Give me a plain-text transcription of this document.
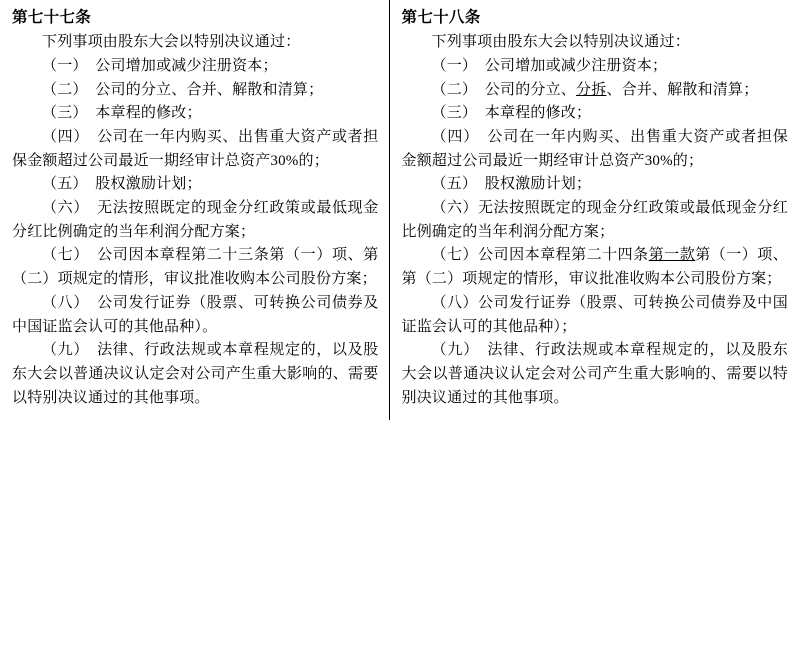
第七十七条

下列事项由股东大会以特别决议通过：

（一）　公司增加或减少注册资本；

（二）　公司的分立、合并、解散和清算；

（三）　本章程的修改；

（四）　公司在一年内购买、出售重大资产或者担保金额超过公司最近一期经审计总资产30%的；

（五）　股权激励计划；

（六）　无法按照既定的现金分红政策或最低现金分红比例确定的当年利润分配方案；

（七）　公司因本章程第二十三条第（一）项、第（二）项规定的情形，审议批准收购本公司股份方案；

（八）　公司发行证券（股票、可转换公司债券及中国证监会认可的其他品种）。

（九）　法律、行政法规或本章程规定的，以及股东大会以普通决议认定会对公司产生重大影响的、需要以特别决议通过的其他事项。

第七十八条

下列事项由股东大会以特别决议通过：

（一）　公司增加或减少注册资本；

（二）　公司的分立、分拆、合并、解散和清算；

（三）　本章程的修改；

（四）　公司在一年内购买、出售重大资产或者担保金额超过公司最近一期经审计总资产30%的；

（五）　股权激励计划；

（六）无法按照既定的现金分红政策或最低现金分红比例确定的当年利润分配方案；

（七）公司因本章程第二十四条第一款第（一）项、第（二）项规定的情形，审议批准收购本公司股份方案；

（八）公司发行证券（股票、可转换公司债券及中国证监会认可的其他品种）；

（九）　法律、行政法规或本章程规定的，以及股东大会以普通决议认定会对公司产生重大影响的、需要以特别决议通过的其他事项。
